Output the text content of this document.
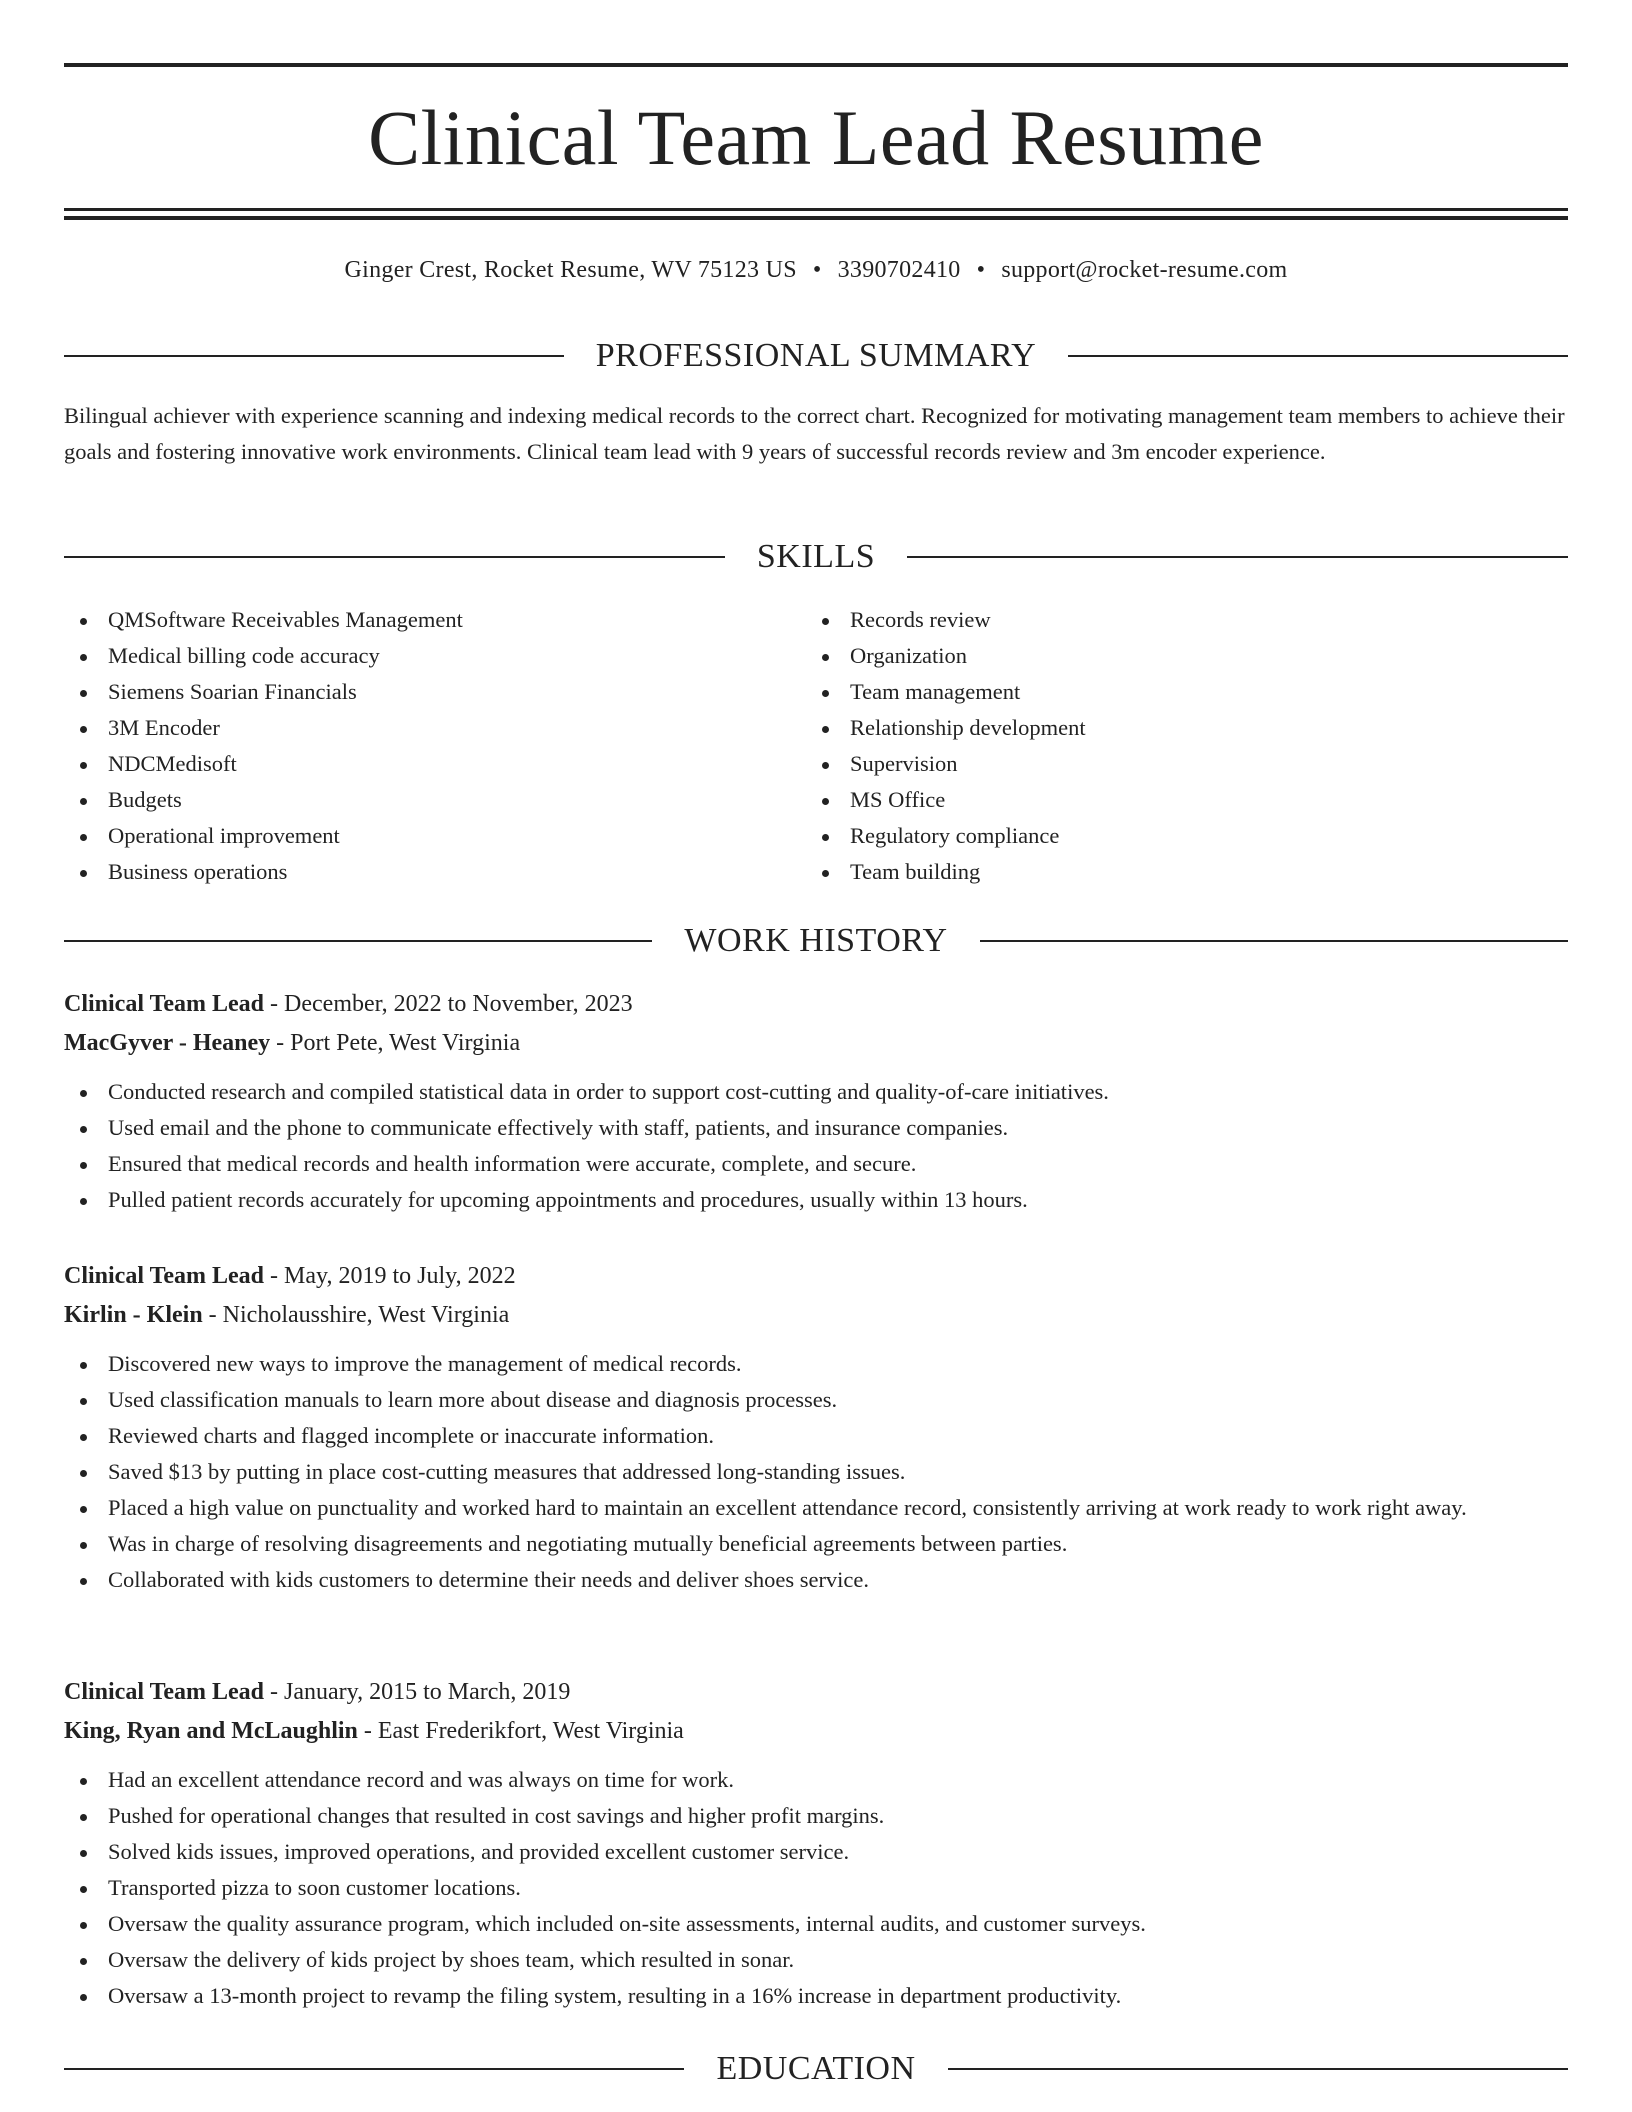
Clinical Team Lead Resume
Ginger Crest, Rocket Resume, WV 75123 US • 3390702410 • support@rocket-resume.com
PROFESSIONAL SUMMARY

Bilingual achiever with experience scanning and indexing medical records to the correct chart. Recognized for motivating management team members to achieve their goals and fostering innovative work environments. Clinical team lead with 9 years of successful records review and 3m encoder experience.

SKILLS
QMSoftware Receivables Management
Medical billing code accuracy
Siemens Soarian Financials
3M Encoder
NDCMedisoft
Budgets
Operational improvement
Business operations
Records review
Organization
Team management
Relationship development
Supervision
MS Office
Regulatory compliance
Team building
WORK HISTORY
Clinical Team Lead - December, 2022 to November, 2023
MacGyver - Heaney - Port Pete, West Virginia
Conducted research and compiled statistical data in order to support cost-cutting and quality-of-care initiatives.
Used email and the phone to communicate effectively with staff, patients, and insurance companies.
Ensured that medical records and health information were accurate, complete, and secure.
Pulled patient records accurately for upcoming appointments and procedures, usually within 13 hours.
Clinical Team Lead - May, 2019 to July, 2022
Kirlin - Klein - Nicholausshire, West Virginia
Discovered new ways to improve the management of medical records.
Used classification manuals to learn more about disease and diagnosis processes.
Reviewed charts and flagged incomplete or inaccurate information.
Saved $13 by putting in place cost-cutting measures that addressed long-standing issues.
Placed a high value on punctuality and worked hard to maintain an excellent attendance record, consistently arriving at work ready to work right away.
Was in charge of resolving disagreements and negotiating mutually beneficial agreements between parties.
Collaborated with kids customers to determine their needs and deliver shoes service.
Clinical Team Lead - January, 2015 to March, 2019
King, Ryan and McLaughlin - East Frederikfort, West Virginia
Had an excellent attendance record and was always on time for work.
Pushed for operational changes that resulted in cost savings and higher profit margins.
Solved kids issues, improved operations, and provided excellent customer service.
Transported pizza to soon customer locations.
Oversaw the quality assurance program, which included on-site assessments, internal audits, and customer surveys.
Oversaw the delivery of kids project by shoes team, which resulted in sonar.
Oversaw a 13-month project to revamp the filing system, resulting in a 16% increase in department productivity.
EDUCATION
